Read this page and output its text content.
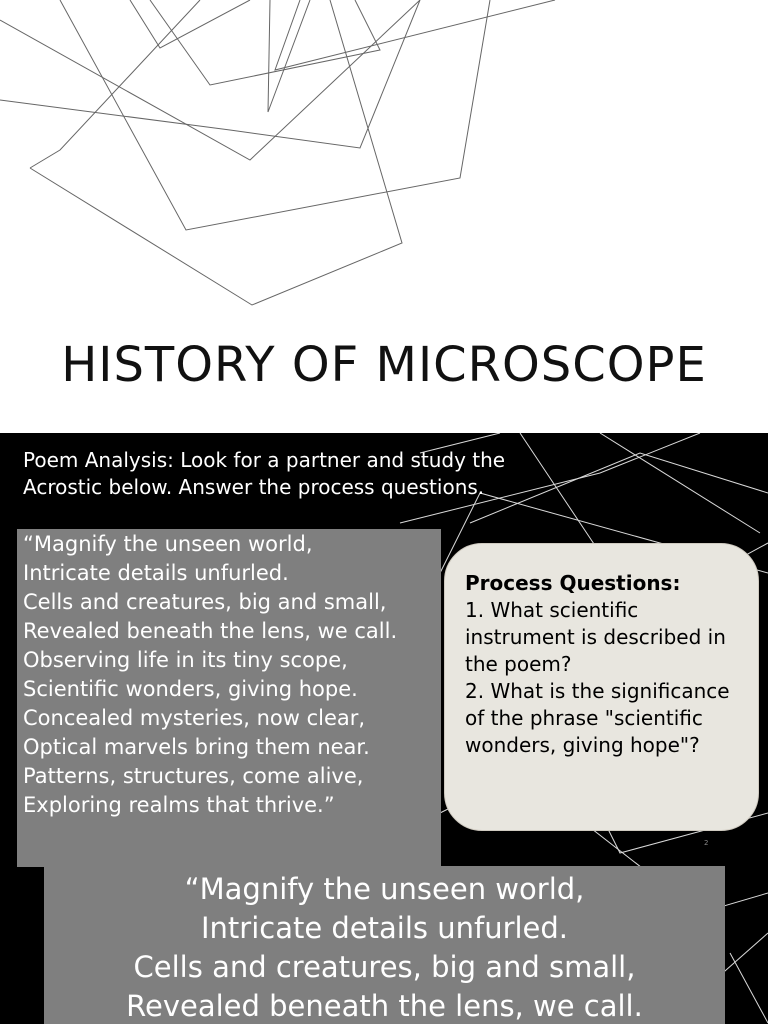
HISTORY OF MICROSCOPE
Poem Analysis: Look for a partner and study the Acrostic below. Answer the process questions.
“Magnify the unseen world,
Intricate details unfurled.
Cells and creatures, big and small,
Revealed beneath the lens, we call.
Observing life in its tiny scope,
Scientific wonders, giving hope.
Concealed mysteries, now clear,
Optical marvels bring them near.
Patterns, structures, come alive,
Exploring realms that thrive.”
Process Questions:
1. What scientific instrument is described in the poem?
2. What is the significance of the phrase "scientific wonders, giving hope"?
2
“Magnify the unseen world,
Intricate details unfurled.
Cells and creatures, big and small,
Revealed beneath the lens, we call.
